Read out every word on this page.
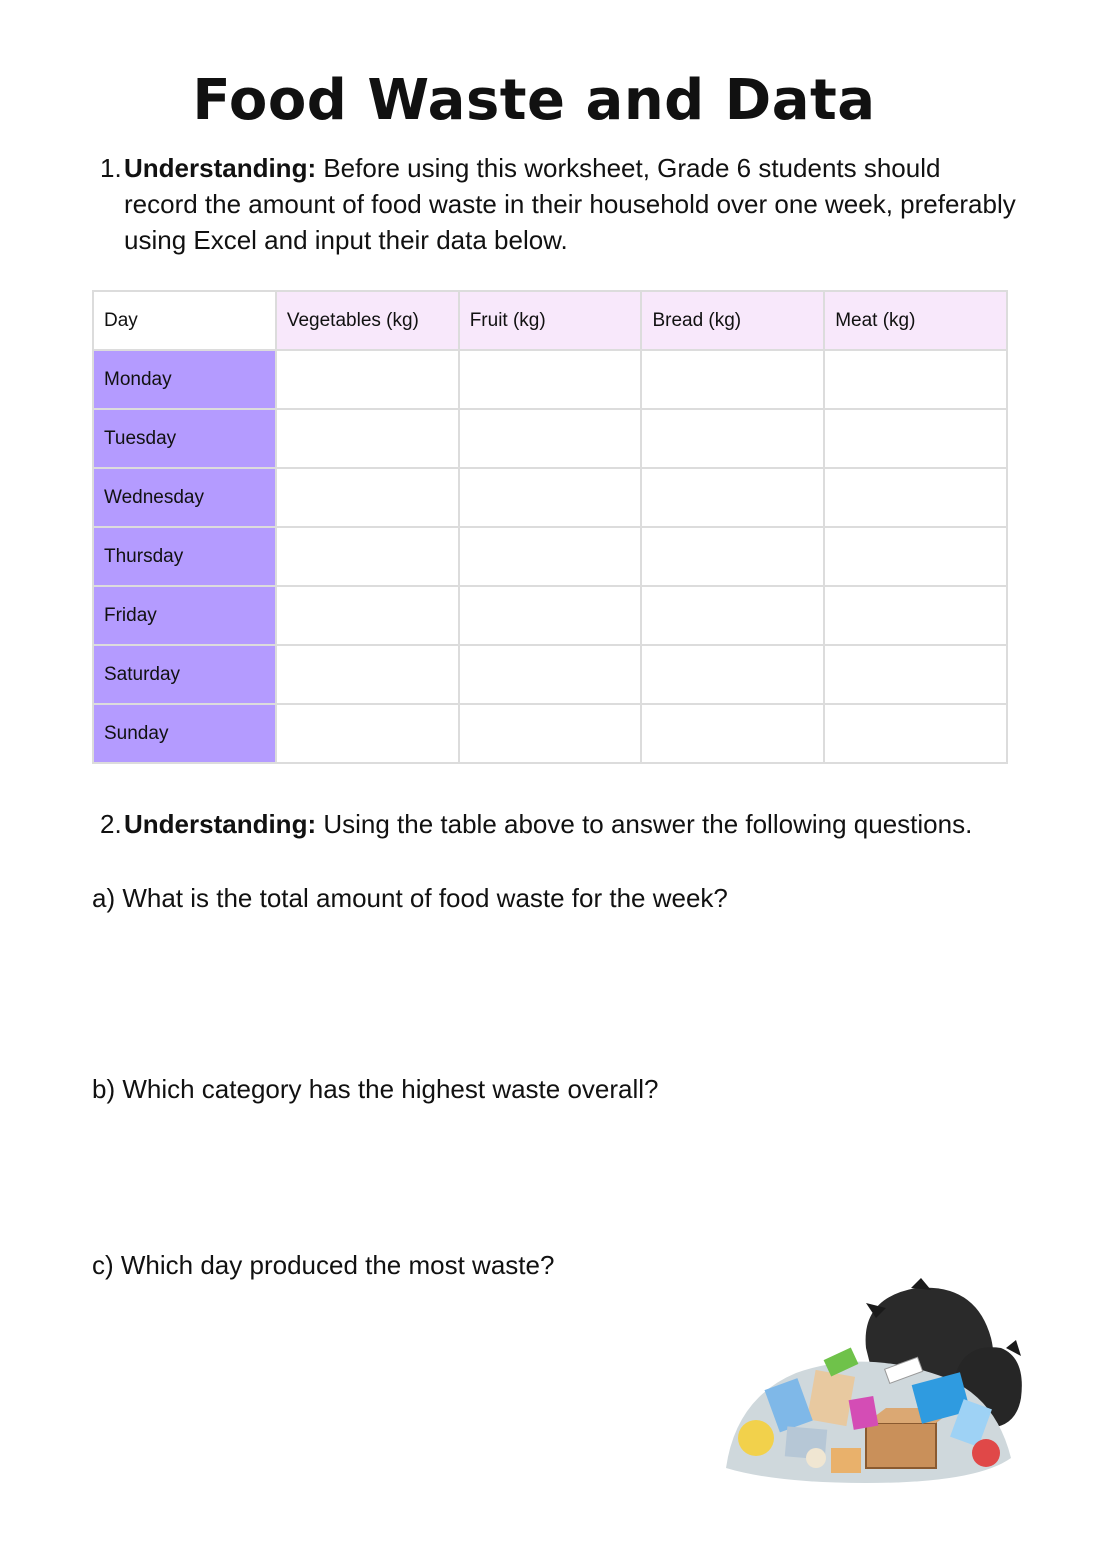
Food Waste and Data
1. Understanding: Before using this worksheet, Grade 6 students should record the amount of food waste in their household over one week, preferably using Excel and input their data below.
Day	Vegetables (kg)	Fruit (kg)	Bread (kg)	Meat (kg)
Monday				
Tuesday				
Wednesday				
Thursday				
Friday				
Saturday				
Sunday				
2. Understanding: Using the table above to answer the following questions.
a) What is the total amount of food waste for the week?
b) Which category has the highest waste overall?
c) Which day produced the most waste?
